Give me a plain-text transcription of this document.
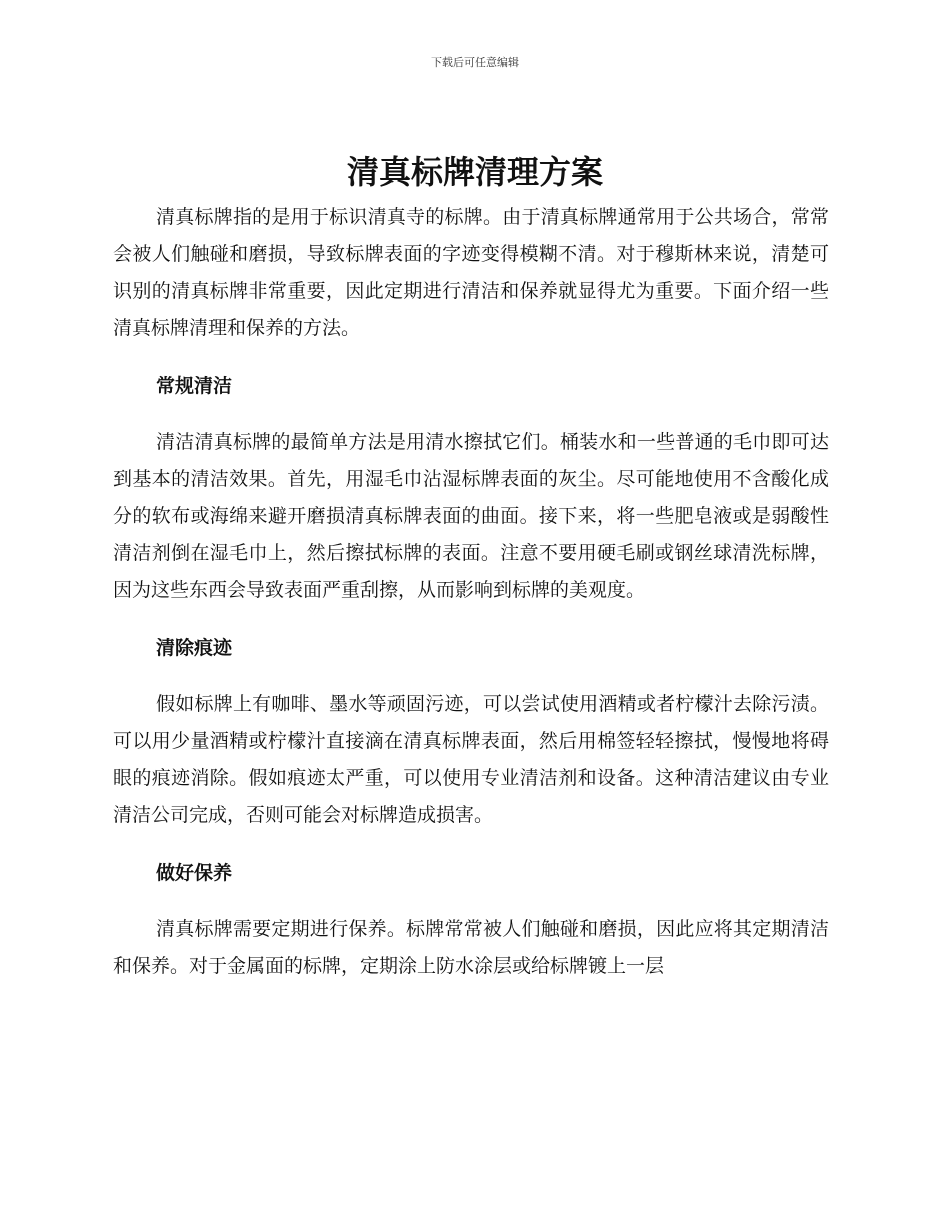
下载后可任意编辑
清真标牌清理方案

清真标牌指的是用于标识清真寺的标牌。由于清真标牌通常用于公共场合，常常会被人们触碰和磨损，导致标牌表面的字迹变得模糊不清。对于穆斯林来说，清楚可识别的清真标牌非常重要，因此定期进行清洁和保养就显得尤为重要。下面介绍一些清真标牌清理和保养的方法。

常规清洁

清洁清真标牌的最简单方法是用清水擦拭它们。桶装水和一些普通的毛巾即可达到基本的清洁效果。首先，用湿毛巾沾湿标牌表面的灰尘。尽可能地使用不含酸化成分的软布或海绵来避开磨损清真标牌表面的曲面。接下来，将一些肥皂液或是弱酸性清洁剂倒在湿毛巾上，然后擦拭标牌的表面。注意不要用硬毛刷或钢丝球清洗标牌，因为这些东西会导致表面严重刮擦，从而影响到标牌的美观度。

清除痕迹

假如标牌上有咖啡、墨水等顽固污迹，可以尝试使用酒精或者柠檬汁去除污渍。可以用少量酒精或柠檬汁直接滴在清真标牌表面，然后用棉签轻轻擦拭，慢慢地将碍眼的痕迹消除。假如痕迹太严重，可以使用专业清洁剂和设备。这种清洁建议由专业清洁公司完成，否则可能会对标牌造成损害。

做好保养

清真标牌需要定期进行保养。标牌常常被人们触碰和磨损，因此应将其定期清洁和保养。对于金属面的标牌，定期涂上防水涂层或给标牌镀上一层
